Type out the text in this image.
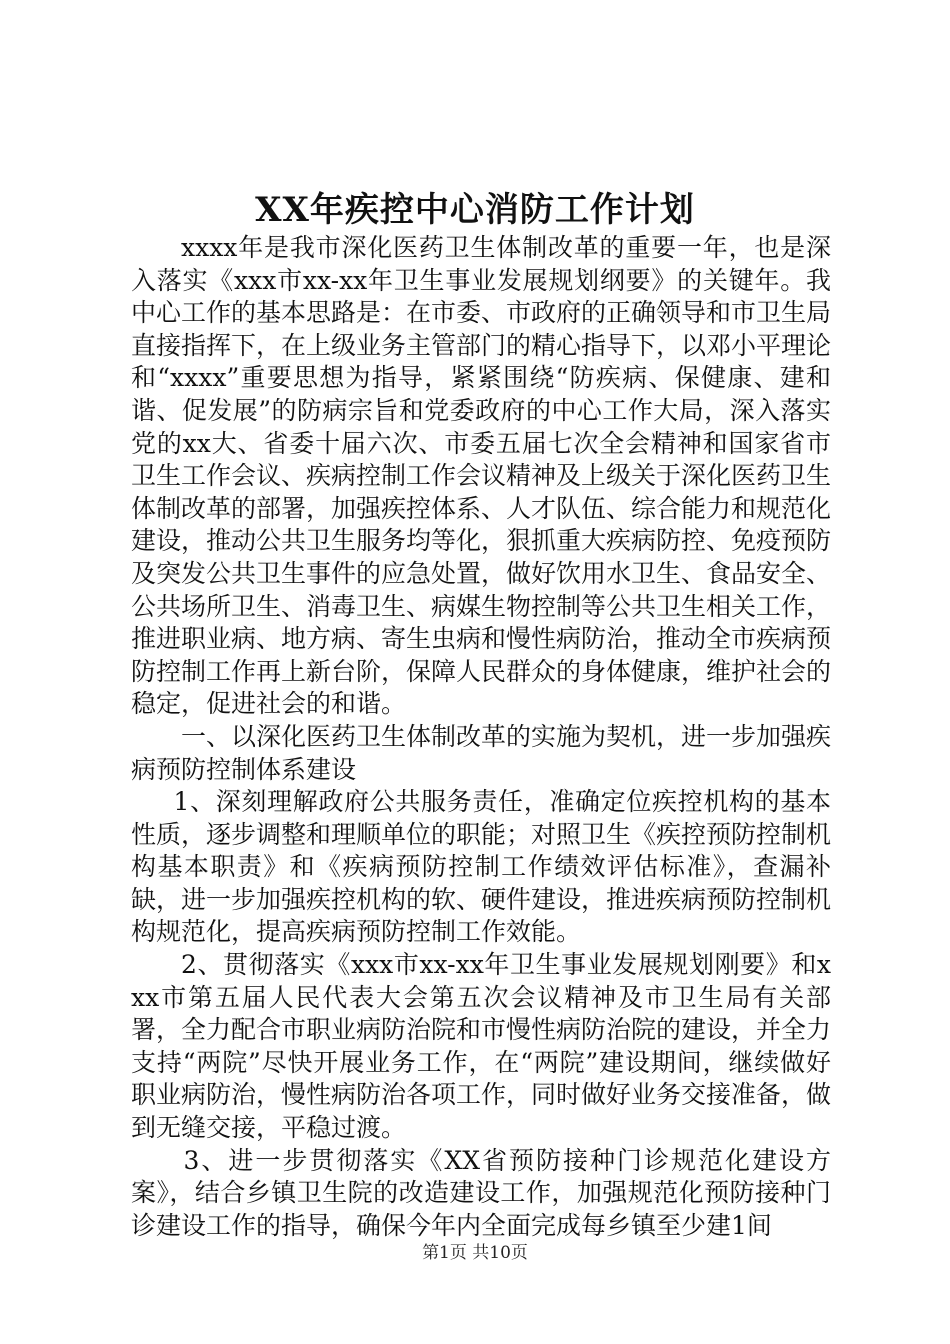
XX年疾控中心消防工作计划

xxxx年是我市深化医药卫生体制改革的重要一年，也是深入落实《xxx市xx-xx年卫生事业发展规划纲要》的关键年。我中心工作的基本思路是：在市委、市政府的正确领导和市卫生局直接指挥下，在上级业务主管部门的精心指导下，以邓小平理论和“xxxx”重要思想为指导，紧紧围绕“防疾病、保健康、建和谐、促发展”的防病宗旨和党委政府的中心工作大局，深入落实党的xx大、省委十届六次、市委五届七次全会精神和国家省市卫生工作会议、疾病控制工作会议精神及上级关于深化医药卫生体制改革的部署，加强疾控体系、人才队伍、综合能力和规范化建设，推动公共卫生服务均等化，狠抓重大疾病防控、免疫预防及突发公共卫生事件的应急处置，做好饮用水卫生、食品安全、公共场所卫生、消毒卫生、病媒生物控制等公共卫生相关工作，推进职业病、地方病、寄生虫病和慢性病防治，推动全市疾病预防控制工作再上新台阶，保障人民群众的身体健康，维护社会的稳定，促进社会的和谐。

一、以深化医药卫生体制改革的实施为契机，进一步加强疾病预防控制体系建设

1、深刻理解政府公共服务责任，准确定位疾控机构的基本性质，逐步调整和理顺单位的职能；对照卫生《疾控预防控制机构基本职责》和《疾病预防控制工作绩效评估标准》，查漏补缺，进一步加强疾控机构的软、硬件建设，推进疾病预防控制机构规范化，提高疾病预防控制工作效能。

2、贯彻落实《xxx市xx-xx年卫生事业发展规划刚要》和xxx市第五届人民代表大会第五次会议精神及市卫生局有关部署，全力配合市职业病防治院和市慢性病防治院的建设，并全力支持“两院”尽快开展业务工作，在“两院”建设期间，继续做好职业病防治，慢性病防治各项工作，同时做好业务交接准备，做到无缝交接，平稳过渡。

3、进一步贯彻落实《XX省预防接种门诊规范化建设方案》，结合乡镇卫生院的改造建设工作，加强规范化预防接种门诊建设工作的指导，确保今年内全面完成每乡镇至少建1间

第1页 共10页
